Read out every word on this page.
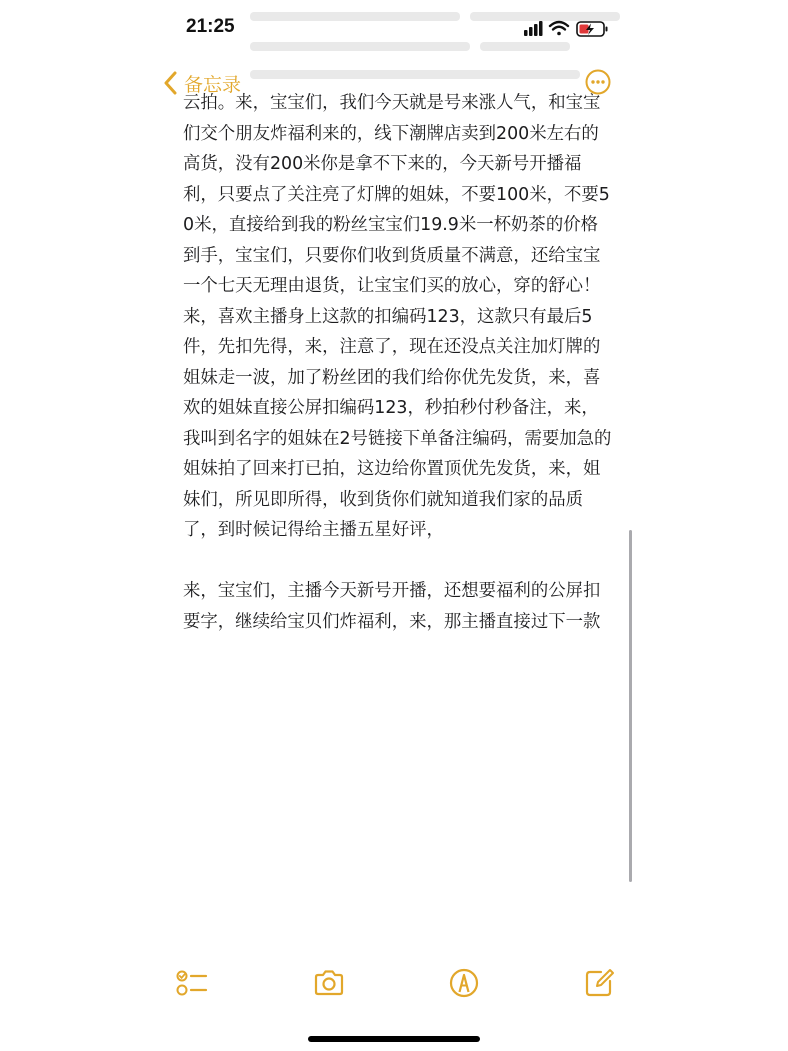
21:25
备忘录

云拍。来，宝宝们，我们今天就是号来涨人气，和宝宝们交个朋友炸福利来的，线下潮牌店卖到200米左右的高货，没有200米你是拿不下来的，今天新号开播福利，只要点了关注亮了灯牌的姐妹，不要100米，不要50米，直接给到我的粉丝宝宝们19.9米一杯奶茶的价格到手，宝宝们，只要你们收到货质量不满意，还给宝宝一个七天无理由退货，让宝宝们买的放心，穿的舒心！

来，喜欢主播身上这款的扣编码123，这款只有最后5件，先扣先得，来，注意了，现在还没点关注加灯牌的姐妹走一波，加了粉丝团的我们给你优先发货，来，喜欢的姐妹直接公屏扣编码123，秒拍秒付秒备注，来，我叫到名字的姐妹在2号链接下单备注编码，需要加急的姐妹拍了回来打已拍，这边给你置顶优先发货，来，姐妹们，所见即所得，收到货你们就知道我们家的品质了，到时候记得给主播五星好评，

来，宝宝们，主播今天新号开播，还想要福利的公屏扣要字，继续给宝贝们炸福利，来，那主播直接过下一款
